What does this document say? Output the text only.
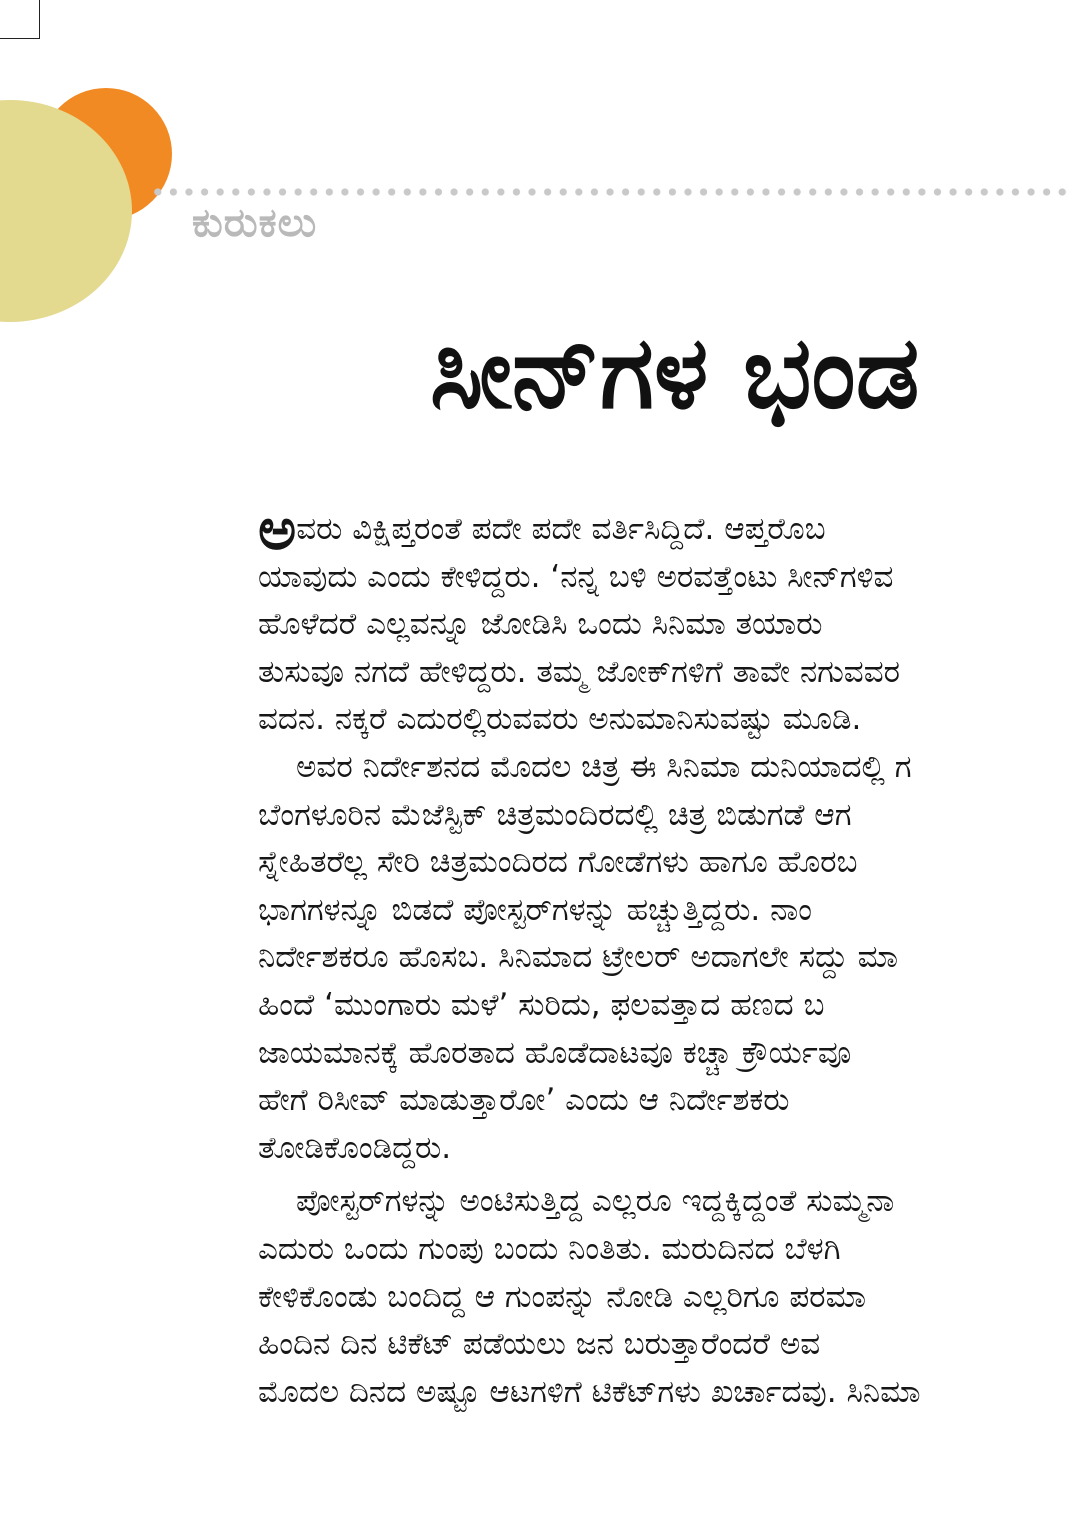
ಕುರುಕಲು
ಸೀನ್‌ಗಳ ಭಂಡ
ಅವರು ವಿಕ್ಷಿಪ್ತರಂತೆ ಪದೇ ಪದೇ ವರ್ತಿಸಿದ್ದಿದೆ. ಆಪ್ತರೊಬ
ಯಾವುದು ಎಂದು ಕೇಳಿದ್ದರು. ‘ನನ್ನ ಬಳಿ ಅರವತ್ತೆಂಟು ಸೀನ್‌ಗಳಿವ
ಹೊಳೆದರೆ ಎಲ್ಲವನ್ನೂ ಜೋಡಿಸಿ ಒಂದು ಸಿನಿಮಾ ತಯಾರು
ತುಸುವೂ ನಗದೆ ಹೇಳಿದ್ದರು. ತಮ್ಮ ಜೋಕ್‌ಗಳಿಗೆ ತಾವೇ ನಗುವವರ
ವದನ. ನಕ್ಕರೆ ಎದುರಲ್ಲಿರುವವರು ಅನುಮಾನಿಸುವಷ್ಟು ಮೂಡಿ.
ಅವರ ನಿರ್ದೇಶನದ ಮೊದಲ ಚಿತ್ರ ಈ ಸಿನಿಮಾ ದುನಿಯಾದಲ್ಲಿ ಗ
ಬೆಂಗಳೂರಿನ ಮೆಜೆಸ್ಟಿಕ್ ಚಿತ್ರಮಂದಿರದಲ್ಲಿ ಚಿತ್ರ ಬಿಡುಗಡೆ ಆಗ
ಸ್ನೇಹಿತರೆಲ್ಲ ಸೇರಿ ಚಿತ್ರಮಂದಿರದ ಗೋಡೆಗಳು ಹಾಗೂ ಹೊರಬ
ಭಾಗಗಳನ್ನೂ ಬಿಡದೆ ಪೋಸ್ಟರ್‌ಗಳನ್ನು ಹಚ್ಚುತ್ತಿದ್ದರು. ನಾಂ
ನಿರ್ದೇಶಕರೂ ಹೊಸಬ. ಸಿನಿಮಾದ ಟ್ರೇಲರ್ ಅದಾಗಲೇ ಸದ್ದು ಮಾ
ಹಿಂದೆ ‘ಮುಂಗಾರು ಮಳೆ’ ಸುರಿದು, ಫಲವತ್ತಾದ ಹಣದ ಬ
ಜಾಯಮಾನಕ್ಕೆ ಹೊರತಾದ ಹೊಡೆದಾಟವೂ ಕಚ್ಚಾ ಕ್ರೌರ್ಯವೂ
ಹೇಗೆ ರಿಸೀವ್ ಮಾಡುತ್ತಾರೋ’ ಎಂದು ಆ ನಿರ್ದೇಶಕರು
ತೋಡಿಕೊಂಡಿದ್ದರು.
ಪೋಸ್ಟರ್‌ಗಳನ್ನು ಅಂಟಿಸುತ್ತಿದ್ದ ಎಲ್ಲರೂ ಇದ್ದಕ್ಕಿದ್ದಂತೆ ಸುಮ್ಮನಾ
ಎದುರು ಒಂದು ಗುಂಪು ಬಂದು ನಿಂತಿತು. ಮರುದಿನದ ಬೆಳಗಿ
ಕೇಳಿಕೊಂಡು ಬಂದಿದ್ದ ಆ ಗುಂಪನ್ನು ನೋಡಿ ಎಲ್ಲರಿಗೂ ಪರಮಾ
ಹಿಂದಿನ ದಿನ ಟಿಕೆಟ್ ಪಡೆಯಲು ಜನ ಬರುತ್ತಾರೆಂದರೆ ಅವ
ಮೊದಲ ದಿನದ ಅಷ್ಟೂ ಆಟಗಳಿಗೆ ಟಿಕೆಟ್‌ಗಳು ಖರ್ಚಾದವು. ಸಿನಿಮಾ
